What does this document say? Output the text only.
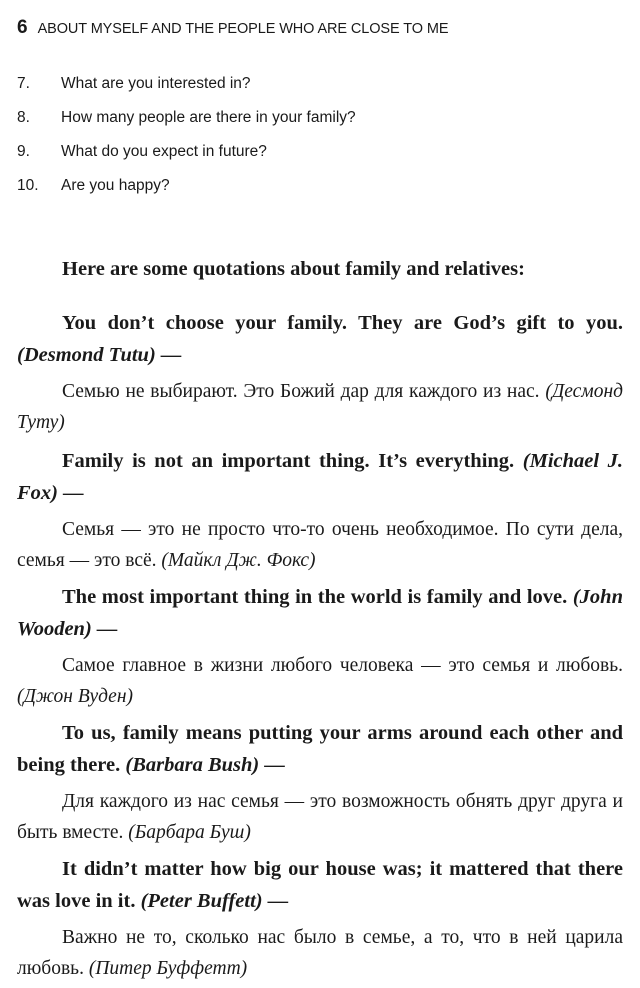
6 ABOUT MYSELF AND THE PEOPLE WHO ARE CLOSE TO ME
7.	What are you interested in?
8.	How many people are there in your family?
9.	What do you expect in future?
10.	Are you happy?
Here are some quotations about family and relatives:

You don’t choose your family. They are God’s gift to you. (Desmond Tutu) —

Семью не выбирают. Это Божий дар для каждого из нас. (Десмонд Туту)

Family is not an important thing. It’s everything. (Michael J. Fox) —

Семья — это не просто что-то очень необходимое. По сути дела, семья — это всё. (Майкл Дж. Фокс)

The most important thing in the world is family and love. (John Wooden) —

Самое главное в жизни любого человека — это семья и любовь. (Джон Вуден)

To us, family means putting your arms around each other and being there. (Barbara Bush) —

Для каждого из нас семья — это возможность обнять друг друга и быть вместе. (Барбара Буш)

It didn’t matter how big our house was; it mattered that there was love in it. (Peter Buffett) —

Важно не то, сколько нас было в семье, а то, что в ней царила любовь. (Питер Буффетт)
